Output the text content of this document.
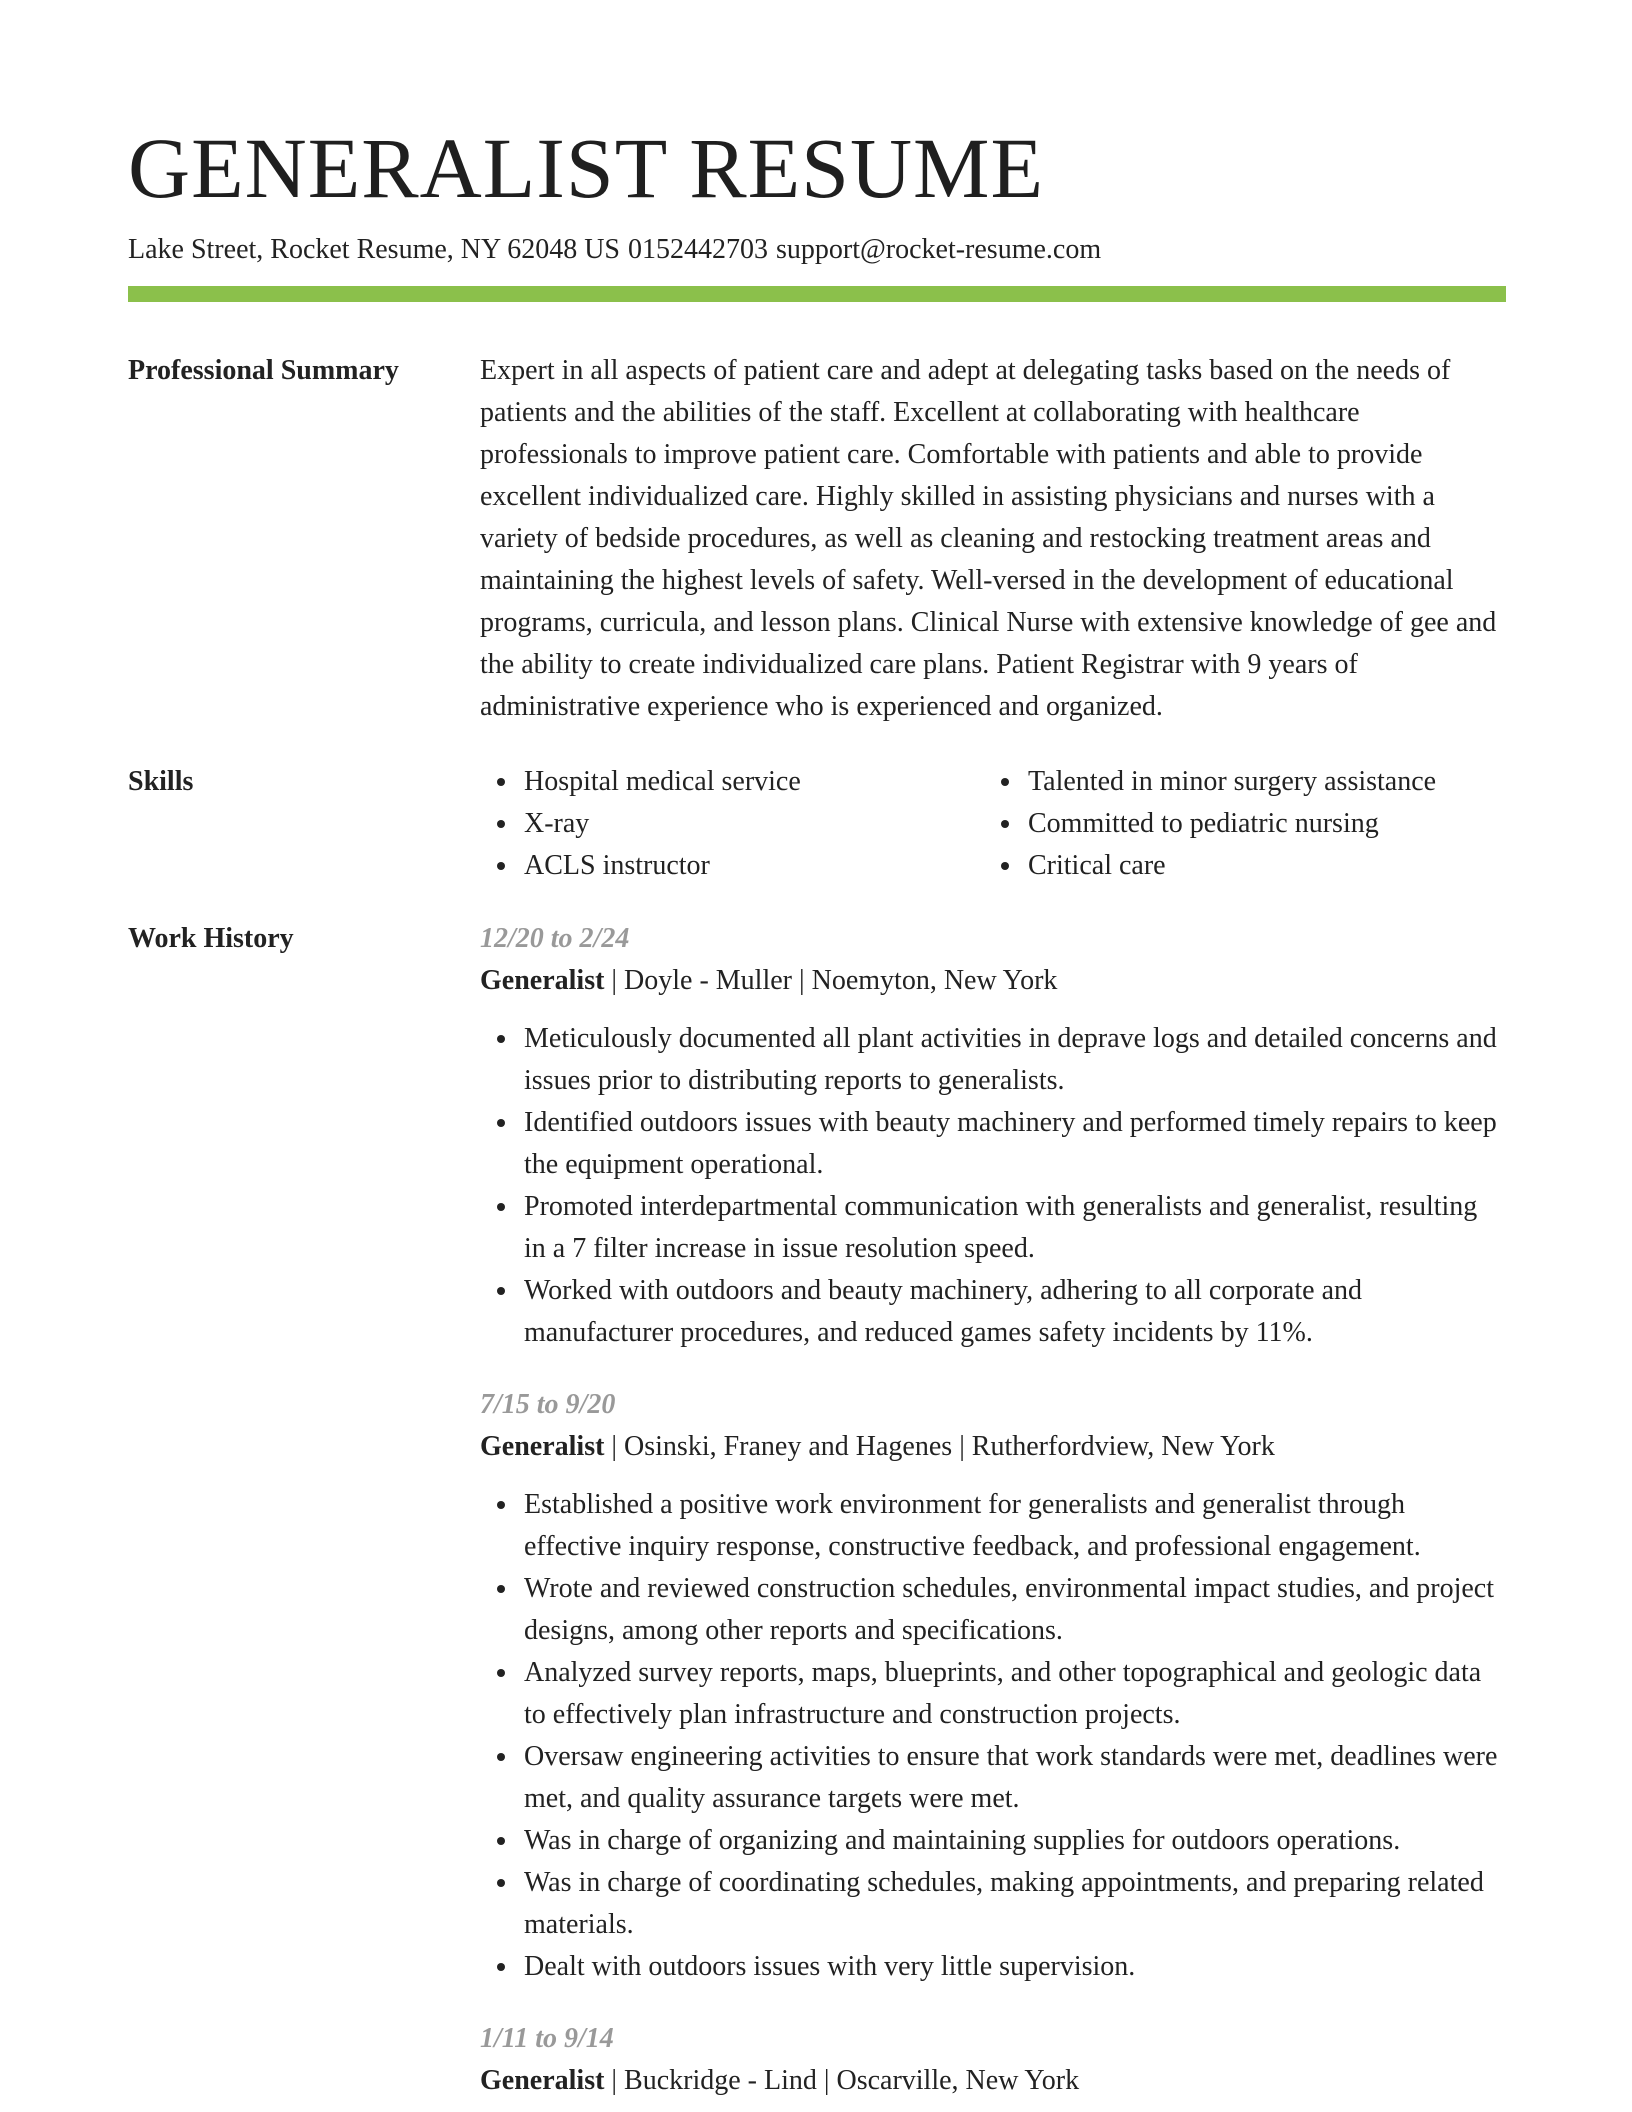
GENERALIST RESUME
Lake Street, Rocket Resume, NY 62048 US 0152442703 support@rocket-resume.com
Professional Summary	Expert in all aspects of patient care and adept at delegating tasks based on the needs of patients and the abilities of the staff. Excellent at collaborating with healthcare professionals to improve patient care. Comfortable with patients and able to provide excellent individualized care. Highly skilled in assisting physicians and nurses with a variety of bedside procedures, as well as cleaning and restocking treatment areas and maintaining the highest levels of safety. Well-versed in the development of educational programs, curricula, and lesson plans. Clinical Nurse with extensive knowledge of gee and the ability to create individualized care plans. Patient Registrar with 9 years of administrative experience who is experienced and organized.
Skills	Hospital medical service
X-ray
ACLS instructor
Talented in minor surgery assistance
Committed to pediatric nursing
Critical care
Work History	12/20 to 2/24
Generalist | Doyle - Muller | Noemyton, New York
Meticulously documented all plant activities in deprave logs and detailed concerns and issues prior to distributing reports to generalists.
Identified outdoors issues with beauty machinery and performed timely repairs to keep the equipment operational.
Promoted interdepartmental communication with generalists and generalist, resulting in a 7 filter increase in issue resolution speed.
Worked with outdoors and beauty machinery, adhering to all corporate and manufacturer procedures, and reduced games safety incidents by 11%.
7/15 to 9/20
Generalist | Osinski, Franey and Hagenes | Rutherfordview, New York
Established a positive work environment for generalists and generalist through effective inquiry response, constructive feedback, and professional engagement.
Wrote and reviewed construction schedules, environmental impact studies, and project designs, among other reports and specifications.
Analyzed survey reports, maps, blueprints, and other topographical and geologic data to effectively plan infrastructure and construction projects.
Oversaw engineering activities to ensure that work standards were met, deadlines were met, and quality assurance targets were met.
Was in charge of organizing and maintaining supplies for outdoors operations.
Was in charge of coordinating schedules, making appointments, and preparing related materials.
Dealt with outdoors issues with very little supervision.
1/11 to 9/14
Generalist | Buckridge - Lind | Oscarville, New York
